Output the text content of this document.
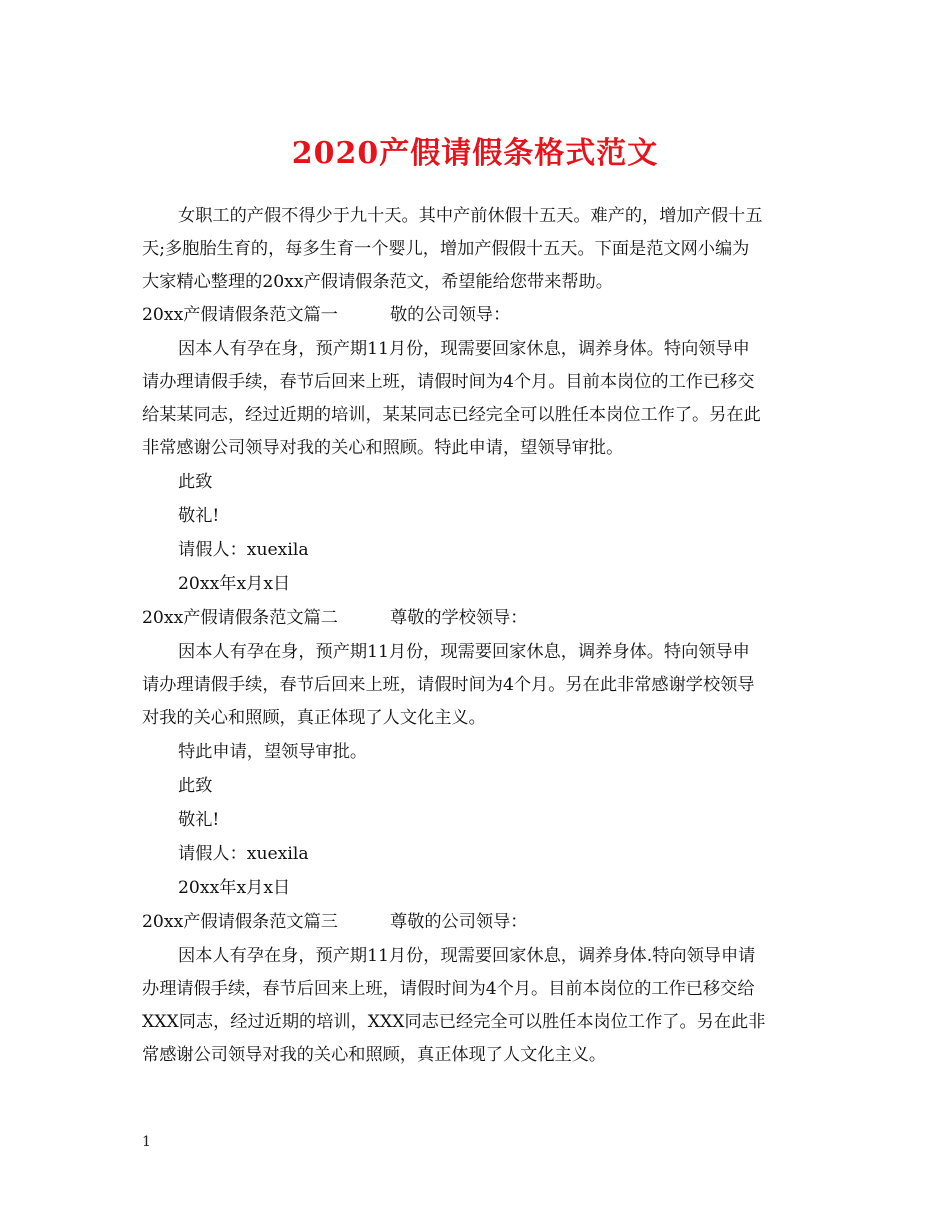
2020产假请假条格式范文
女职工的产假不得少于九十天。其中产前休假十五天。难产的，增加产假十五
天;多胞胎生育的，每多生育一个婴儿，增加产假假十五天。下面是范文网小编为
大家精心整理的20xx产假请假条范文，希望能给您带来帮助。
20xx产假请假条范文篇一	敬的公司领导：
因本人有孕在身，预产期11月份，现需要回家休息，调养身体。特向领导申
请办理请假手续，春节后回来上班，请假时间为4个月。目前本岗位的工作已移交
给某某同志，经过近期的培训，某某同志已经完全可以胜任本岗位工作了。另在此
非常感谢公司领导对我的关心和照顾。特此申请，望领导审批。
此致
敬礼!
请假人：xuexila
20xx年x月x日
20xx产假请假条范文篇二	尊敬的学校领导：
因本人有孕在身，预产期11月份，现需要回家休息，调养身体。特向领导申
请办理请假手续，春节后回来上班，请假时间为4个月。另在此非常感谢学校领导
对我的关心和照顾，真正体现了人文化主义。
特此申请，望领导审批。
此致
敬礼!
请假人：xuexila
20xx年x月x日
20xx产假请假条范文篇三	尊敬的公司领导：
因本人有孕在身，预产期11月份，现需要回家休息，调养身体.特向领导申请
办理请假手续，春节后回来上班，请假时间为4个月。目前本岗位的工作已移交给
XXX同志，经过近期的培训，XXX同志已经完全可以胜任本岗位工作了。另在此非
常感谢公司领导对我的关心和照顾，真正体现了人文化主义。
1
